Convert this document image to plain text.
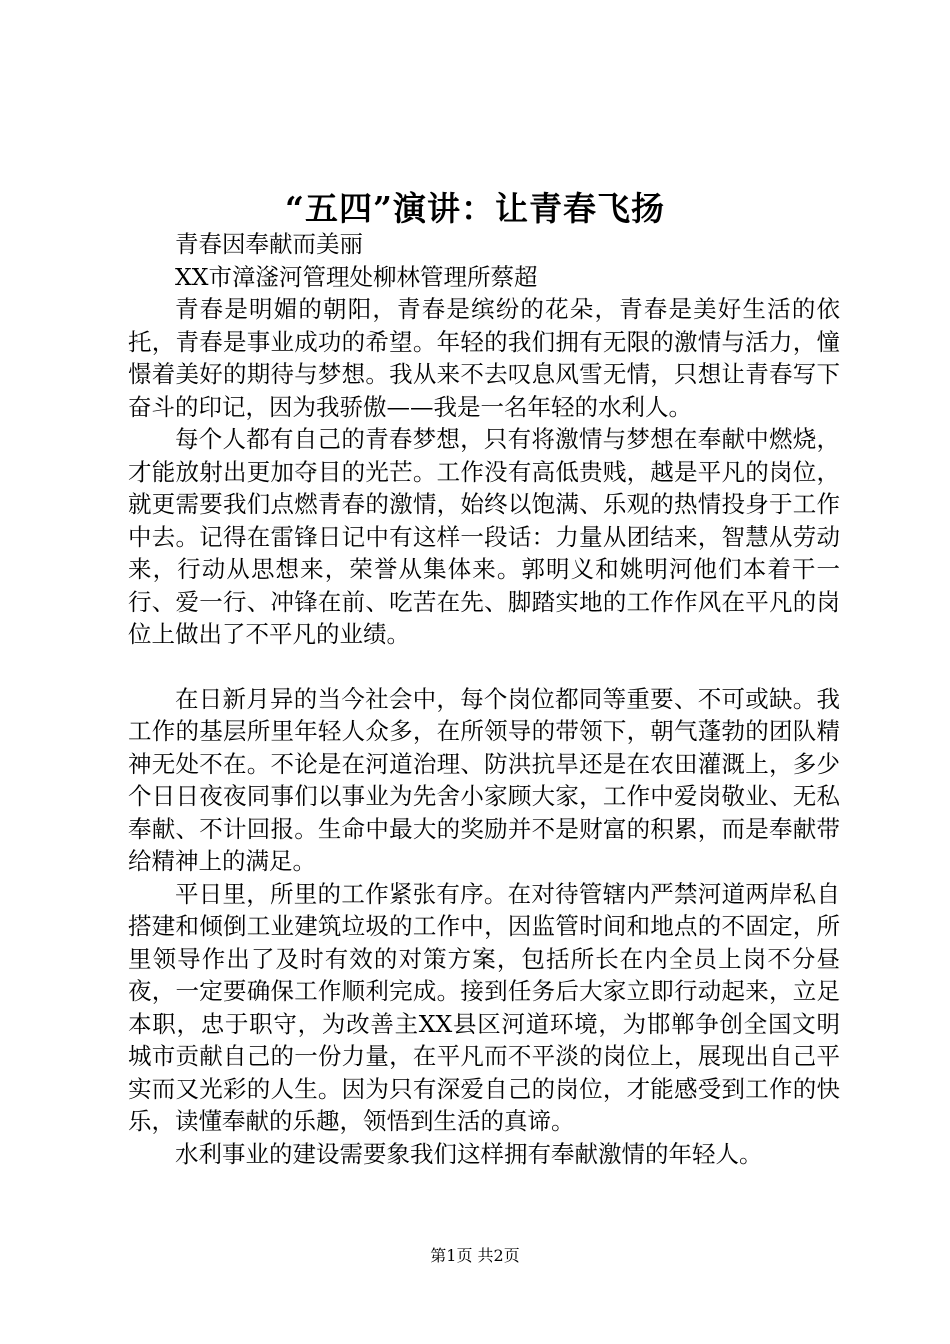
“五四”演讲：让青春飞扬

青春因奉献而美丽

XX市漳滏河管理处柳林管理所蔡超

青春是明媚的朝阳，青春是缤纷的花朵，青春是美好生活的依托，青春是事业成功的希望。年轻的我们拥有无限的激情与活力，憧憬着美好的期待与梦想。我从来不去叹息风雪无情，只想让青春写下奋斗的印记，因为我骄傲——我是一名年轻的水利人。

每个人都有自己的青春梦想，只有将激情与梦想在奉献中燃烧，才能放射出更加夺目的光芒。工作没有高低贵贱，越是平凡的岗位，就更需要我们点燃青春的激情，始终以饱满、乐观的热情投身于工作中去。记得在雷锋日记中有这样一段话：力量从团结来，智慧从劳动来，行动从思想来，荣誉从集体来。郭明义和姚明河他们本着干一行、爱一行、冲锋在前、吃苦在先、脚踏实地的工作作风在平凡的岗位上做出了不平凡的业绩。

在日新月异的当今社会中，每个岗位都同等重要、不可或缺。我工作的基层所里年轻人众多，在所领导的带领下，朝气蓬勃的团队精神无处不在。不论是在河道治理、防洪抗旱还是在农田灌溉上，多少个日日夜夜同事们以事业为先舍小家顾大家，工作中爱岗敬业、无私奉献、不计回报。生命中最大的奖励并不是财富的积累，而是奉献带给精神上的满足。

平日里，所里的工作紧张有序。在对待管辖内严禁河道两岸私自搭建和倾倒工业建筑垃圾的工作中，因监管时间和地点的不固定，所里领导作出了及时有效的对策方案，包括所长在内全员上岗不分昼夜，一定要确保工作顺利完成。接到任务后大家立即行动起来，立足本职，忠于职守，为改善主XX县区河道环境，为邯郸争创全国文明城市贡献自己的一份力量，在平凡而不平淡的岗位上，展现出自己平实而又光彩的人生。因为只有深爱自己的岗位，才能感受到工作的快乐，读懂奉献的乐趣，领悟到生活的真谛。

水利事业的建设需要象我们这样拥有奉献激情的年轻人。

第1页 共2页
